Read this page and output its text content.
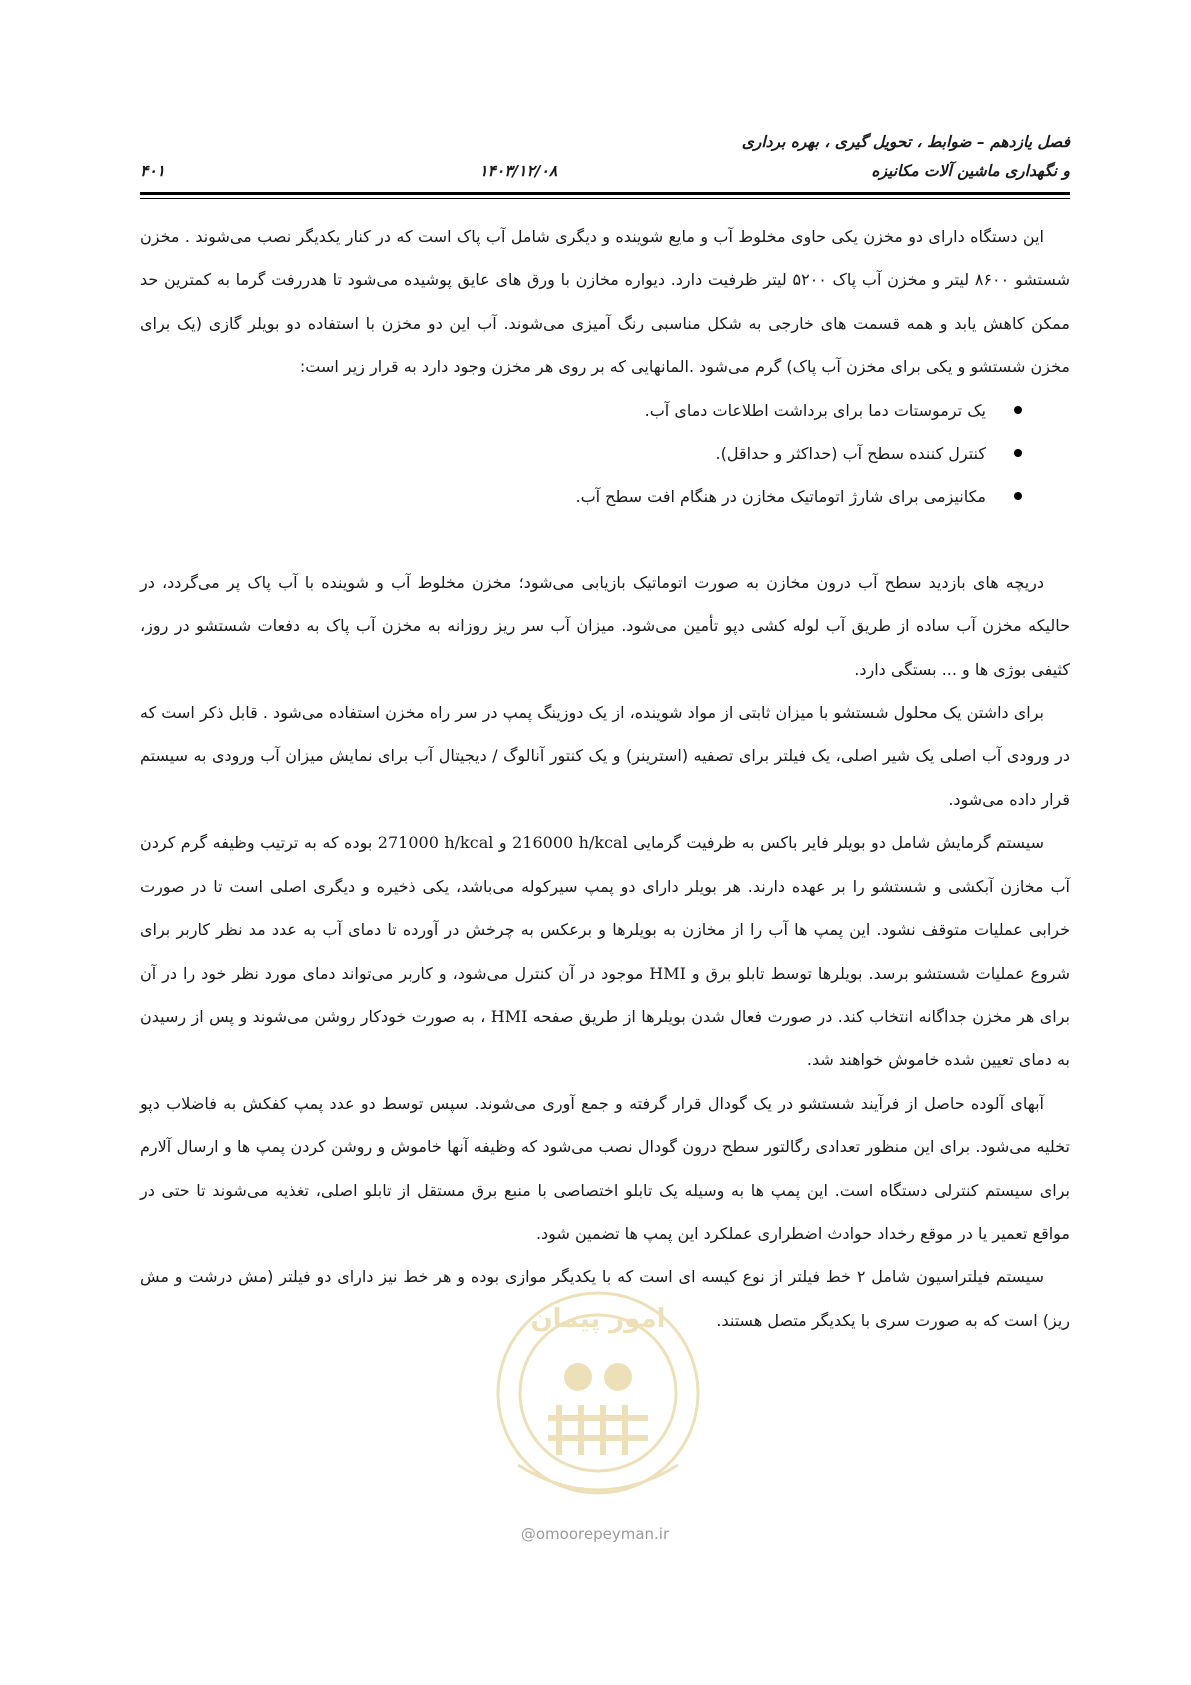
فصل یازدهم – ضوابط ، تحویل گیری ، بهره برداری
و نگهداری ماشین آلات مکانیزه
۱۴۰۳/۱۲/۰۸
۴۰۱

این دستگاه دارای دو مخزن یکی حاوی مخلوط آب و مایع شوینده و دیگری شامل آب پاک است که در کنار یکدیگر نصب می‌شوند . مخزن شستشو ۸۶۰۰ لیتر و مخزن آب پاک ۵۲۰۰ لیتر ظرفیت دارد. دیواره مخازن با ورق های عایق پوشیده می‌شود تا هدررفت گرما به کمترین حد ممکن کاهش یابد و همه قسمت های خارجی به شکل مناسبی رنگ آمیزی می‌شوند. آب این دو مخزن با استفاده دو بویلر گازی (یک برای مخزن شستشو و یکی برای مخزن آب پاک) گرم می‌شود .المانهایی که بر روی هر مخزن وجود دارد به قرار زیر است:

یک ترموستات دما برای برداشت اطلاعات دمای آب.
کنترل کننده سطح آب (حداکثر و حداقل).
مکانیزمی برای شارژ اتوماتیک مخازن در هنگام افت سطح آب.

دریچه های بازدید سطح آب درون مخازن به صورت اتوماتیک بازیابی می‌شود؛ مخزن مخلوط آب و شوینده با آب پاک پر می‌گردد، در حالیکه مخزن آب ساده از طریق آب لوله کشی دپو تأمین می‌شود. میزان آب سر ریز روزانه به مخزن آب پاک به دفعات شستشو در روز، کثیفی بوژی ها و ... بستگی دارد.

برای داشتن یک محلول شستشو با میزان ثابتی از مواد شوینده، از یک دوزینگ پمپ در سر راه مخزن استفاده می‌شود . قابل ذکر است که در ورودی آب اصلی یک شیر اصلی، یک فیلتر برای تصفیه (استرینر) و یک کنتور آنالوگ / دیجیتال آب برای نمایش میزان آب ورودی به سیستم قرار داده می‌شود.

سیستم گرمایش شامل دو بویلر فایر باکس به ظرفیت گرمایی 216000 h/kcal و 271000 h/kcal بوده که به ترتیب وظیفه گرم کردن آب مخازن آبکشی و شستشو را بر عهده دارند. هر بویلر دارای دو پمپ سیرکوله می‌باشد، یکی ذخیره و دیگری اصلی است تا در صورت خرابی عملیات متوقف نشود. این پمپ ها آب را از مخازن به بویلرها و برعکس به چرخش در آورده تا دمای آب به عدد مد نظر کاربر برای شروع عملیات شستشو برسد. بویلرها توسط تابلو برق و HMI موجود در آن کنترل می‌شود، و کاربر می‌تواند دمای مورد نظر خود را در آن برای هر مخزن جداگانه انتخاب کند. در صورت فعال شدن بویلرها از طریق صفحه HMI ، به صورت خودکار روشن می‌شوند و پس از رسیدن به دمای تعیین شده خاموش خواهند شد.

آبهای آلوده حاصل از فرآیند شستشو در یک گودال قرار گرفته و جمع آوری می‌شوند. سپس توسط دو عدد پمپ کفکش به فاضلاب دپو تخلیه می‌شود. برای این منظور تعدادی رگالتور سطح درون گودال نصب می‌شود که وظیفه آنها خاموش و روشن کردن پمپ ها و ارسال آلارم برای سیستم کنترلی دستگاه است. این پمپ ها به وسیله یک تابلو اختصاصی با منبع برق مستقل از تابلو اصلی، تغذیه می‌شوند تا حتی در مواقع تعمیر یا در موقع رخداد حوادث اضطراری عملکرد این پمپ ها تضمین شود.

سیستم فیلتراسیون شامل ۲ خط فیلتر از نوع کیسه ای است که با یکدیگر موازی بوده و هر خط نیز دارای دو فیلتر (مش درشت و مش ریز) است که به صورت سری با یکدیگر متصل هستند.

امور پیمان
@omoorepeyman.ir
